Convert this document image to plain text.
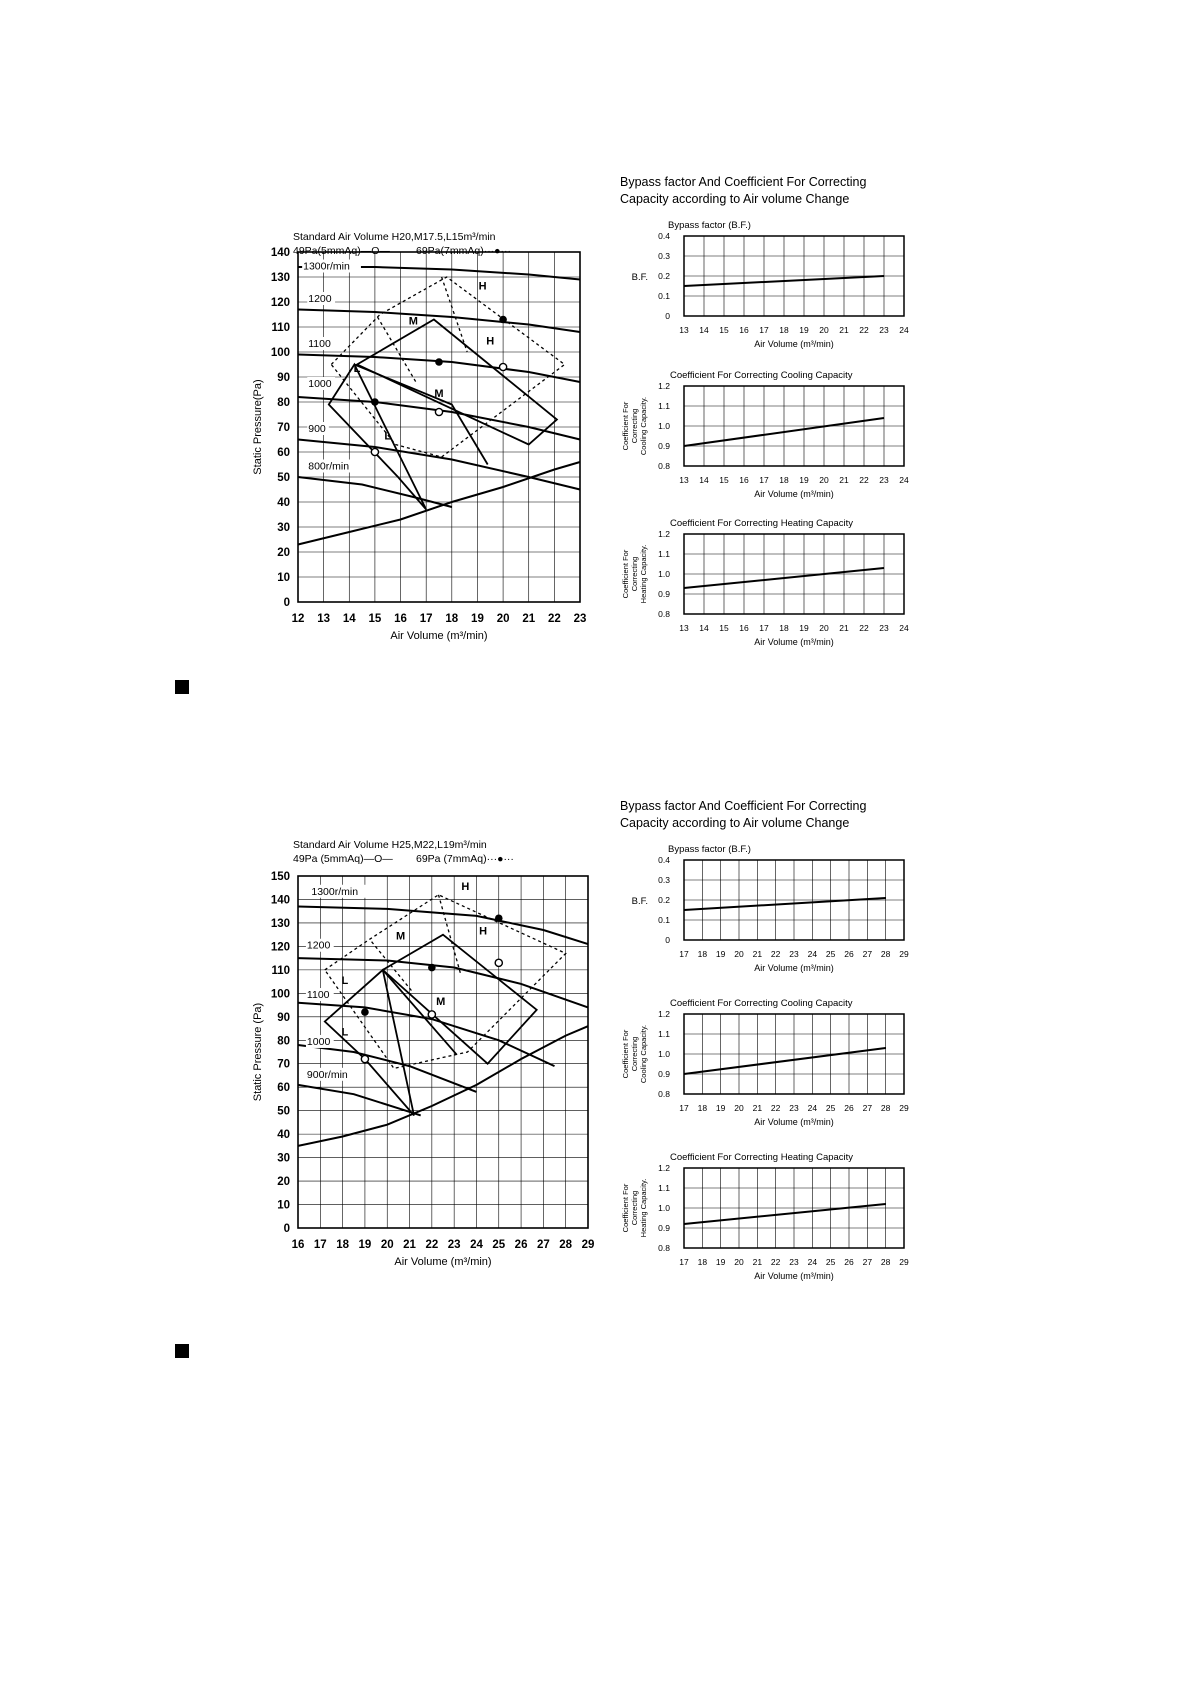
Standard Air Volume H20,M17.5,L15m³/min
49Pa(5mmAq)—O— 69Pa(7mmAq)···●···
0
10
20
30
40
50
60
70
80
90
100
110
120
130
140
12 13 14 15 16 17 18 19 20 21 22 23
Air Volume (m³/min)
Static Pressure(Pa)
1300r/min
1200
1100
1000
900
800r/min
H
H
M
M
L
L
Bypass factor And Coefficient For Correcting
Capacity according to Air volume Change
Bypass factor (B.F.)
0
0.1
0.2
0.3
0.4
13 14 15 16 17 18 19 20 21 22 23 24
Air Volume (m³/min)
B.F.
Coefficient For Correcting Cooling Capacity
0.8
0.9
1.0
1.1
1.2
13 14 15 16 17 18 19 20 21 22 23 24
Air Volume (m³/min)
Coefficient For Correcting Cooling Capacity.
Coefficient For Correcting Heating Capacity
0.8
0.9
1.0
1.1
1.2
13 14 15 16 17 18 19 20 21 22 23 24
Air Volume (m³/min)
Coefficient For Correcting Heating Capacity.
Standard Air Volume H25,M22,L19m³/min
49Pa (5mmAq)—O— 69Pa (7mmAq)···●···
0
10
20
30
40
50
60
70
80
90
100
110
120
130
140
150
16 17 18 19 20 21 22 23 24 25 26 27 28 29
Air Volume (m³/min)
Static Pressure (Pa)
1300r/min
1200
1100
1000
900r/min
H
H
M
M
L
L
Bypass factor And Coefficient For Correcting
Capacity according to Air volume Change
Bypass factor (B.F.)
0
0.1
0.2
0.3
0.4
17 18 19 20 21 22 23 24 25 26 27 28 29
Air Volume (m³/min)
B.F.
Coefficient For Correcting Cooling Capacity
0.8
0.9
1.0
1.1
1.2
17 18 19 20 21 22 23 24 25 26 27 28 29
Air Volume (m³/min)
Coefficient For Correcting Cooling Capacity.
Coefficient For Correcting Heating Capacity
0.8
0.9
1.0
1.1
1.2
17 18 19 20 21 22 23 24 25 26 27 28 29
Air Volume (m³/min)
Coefficient For Correcting Heating Capacity.
